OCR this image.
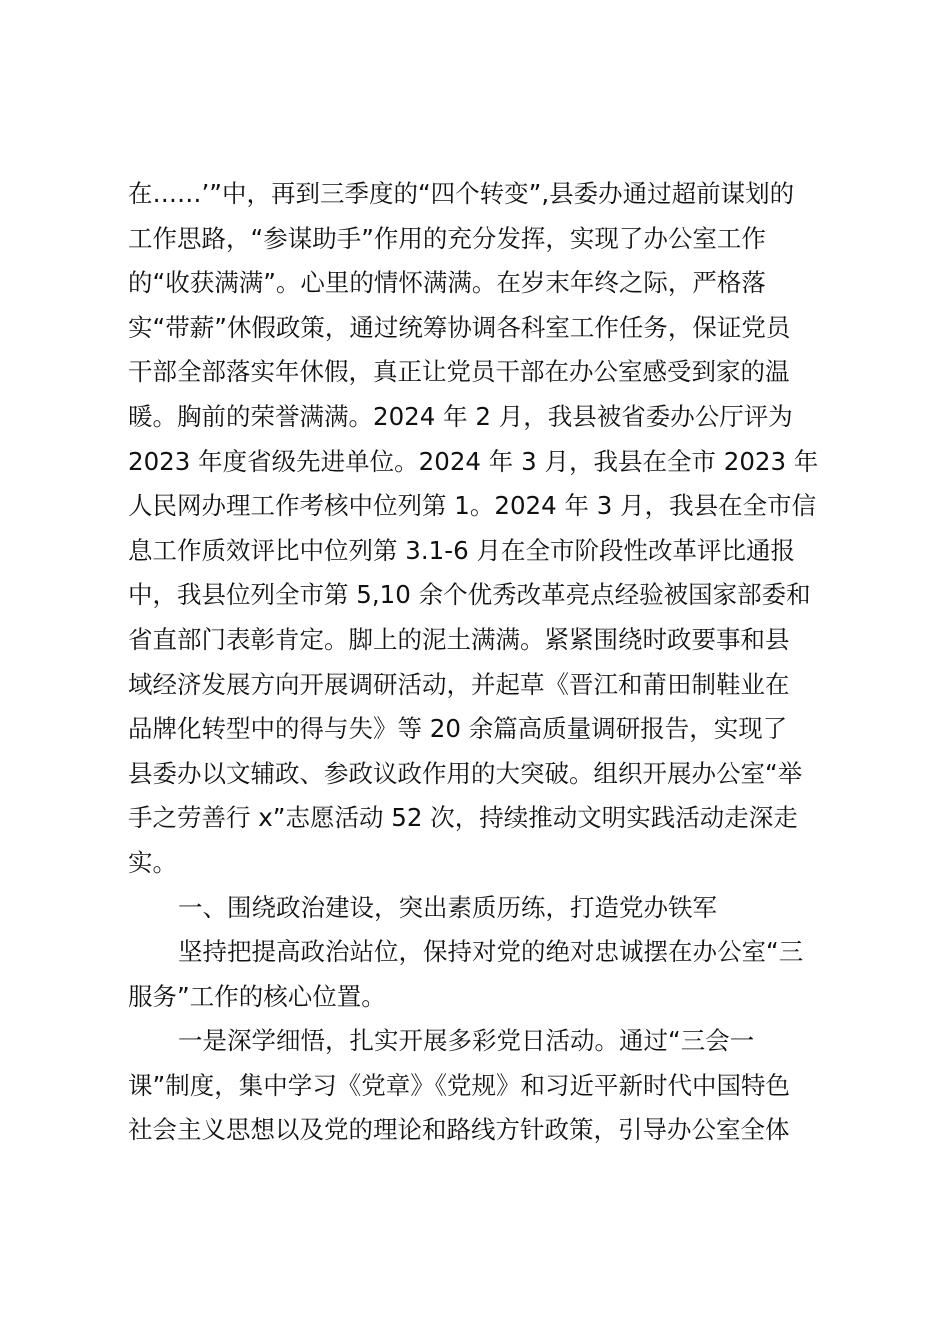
在……’”中，再到三季度的“四个转变”,县委办通过超前谋划的
工作思路，“参谋助手”作用的充分发挥，实现了办公室工作
的“收获满满”。心里的情怀满满。在岁末年终之际，严格落
实“带薪”休假政策，通过统筹协调各科室工作任务，保证党员
干部全部落实年休假，真正让党员干部在办公室感受到家的温
暖。胸前的荣誉满满。2024 年 2 月，我县被省委办公厅评为
2023 年度省级先进单位。2024 年 3 月，我县在全市 2023 年
人民网办理工作考核中位列第 1。2024 年 3 月，我县在全市信
息工作质效评比中位列第 3.1-6 月在全市阶段性改革评比通报
中，我县位列全市第 5,10 余个优秀改革亮点经验被国家部委和
省直部门表彰肯定。脚上的泥土满满。紧紧围绕时政要事和县
域经济发展方向开展调研活动，并起草《晋江和莆田制鞋业在
品牌化转型中的得与失》等 20 余篇高质量调研报告，实现了
县委办以文辅政、参政议政作用的大突破。组织开展办公室“举
手之劳善行 x”志愿活动 52 次，持续推动文明实践活动走深走
实。
一、围绕政治建设，突出素质历练，打造党办铁军
坚持把提高政治站位，保持对党的绝对忠诚摆在办公室“三
服务”工作的核心位置。
一是深学细悟，扎实开展多彩党日活动。通过“三会一
课”制度，集中学习《党章》《党规》和习近平新时代中国特色
社会主义思想以及党的理论和路线方针政策，引导办公室全体
